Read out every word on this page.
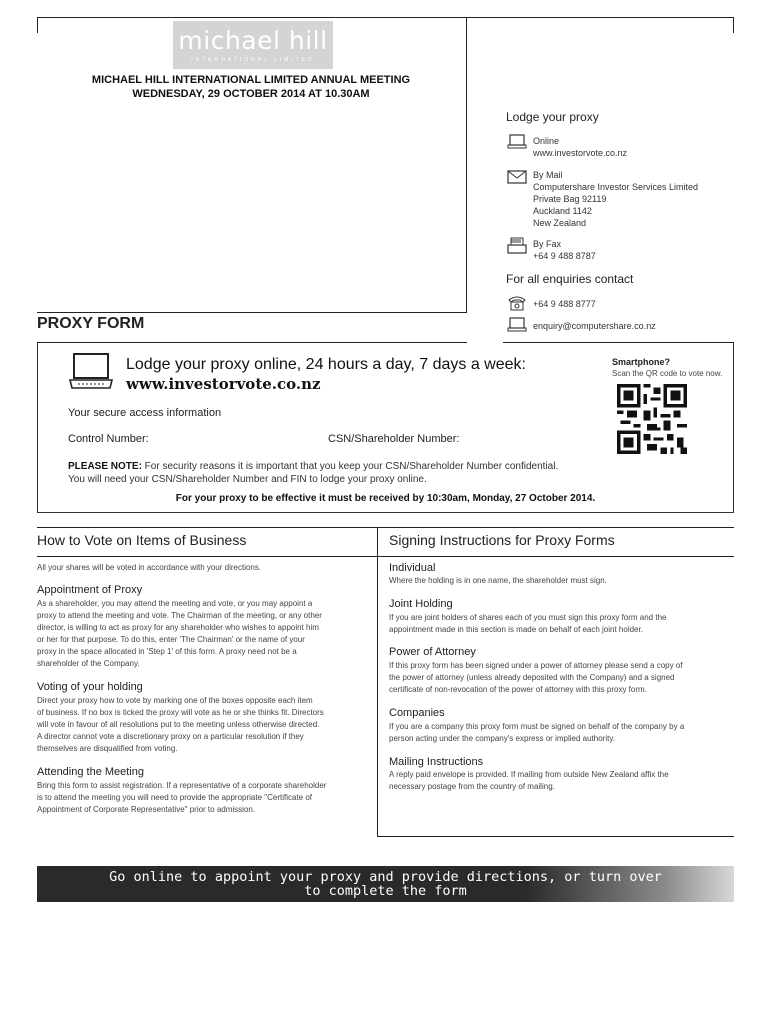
michael hill
INTERNATIONAL LIMITED
MICHAEL HILL INTERNATIONAL LIMITED ANNUAL MEETING
WEDNESDAY, 29 OCTOBER 2014 AT 10.30AM
Lodge your proxy
Online
www.investorvote.co.nz
By Mail
Computershare Investor Services Limited
Private Bag 92119
Auckland 1142
New Zealand
By Fax
+64 9 488 8787
For all enquiries contact
+64 9 488 8777
enquiry@computershare.co.nz
PROXY FORM
Lodge your proxy online, 24 hours a day, 7 days a week:
www.investorvote.co.nz
Smartphone?
Scan the QR code to vote now.
Your secure access information
Control Number:	CSN/Shareholder Number:
PLEASE NOTE: For security reasons it is important that you keep your CSN/Shareholder Number confidential.
You will need your CSN/Shareholder Number and FIN to lodge your proxy online.
For your proxy to be effective it must be received by 10:30am, Monday, 27 October 2014.
How to Vote on Items of Business
All your shares will be voted in accordance with your directions.
Appointment of Proxy
As a shareholder, you may attend the meeting and vote, or you may appoint a
proxy to attend the meeting and vote. The Chairman of the meeting, or any other
director, is willing to act as proxy for any shareholder who wishes to appoint him
or her for that purpose. To do this, enter 'The Chairman' or the name of your
proxy in the space allocated in 'Step 1' of this form. A proxy need not be a
shareholder of the Company.
Voting of your holding
Direct your proxy how to vote by marking one of the boxes opposite each item
of business. If no box is ticked the proxy will vote as he or she thinks fit. Directors
will vote in favour of all resolutions put to the meeting unless otherwise directed.
A director cannot vote a discretionary proxy on a particular resolution if they
themselves are disqualified from voting.
Attending the Meeting
Bring this form to assist registration. If a representative of a corporate shareholder
is to attend the meeting you will need to provide the appropriate "Certificate of
Appointment of Corporate Representative" prior to admission.
Signing Instructions for Proxy Forms
Individual
Where the holding is in one name, the shareholder must sign.
Joint Holding
If you are joint holders of shares each of you must sign this proxy form and the
appointment made in this section is made on behalf of each joint holder.
Power of Attorney
If this proxy form has been signed under a power of attorney please send a copy of
the power of attorney (unless already deposited with the Company) and a signed
certificate of non-revocation of the power of attorney with this proxy form.
Companies
If you are a company this proxy form must be signed on behalf of the company by a
person acting under the company's express or implied authority.
Mailing Instructions
A reply paid envelope is provided. If mailing from outside New Zealand affix the
necessary postage from the country of mailing.
Go online to appoint your proxy and provide directions, or turn over
to complete the form
